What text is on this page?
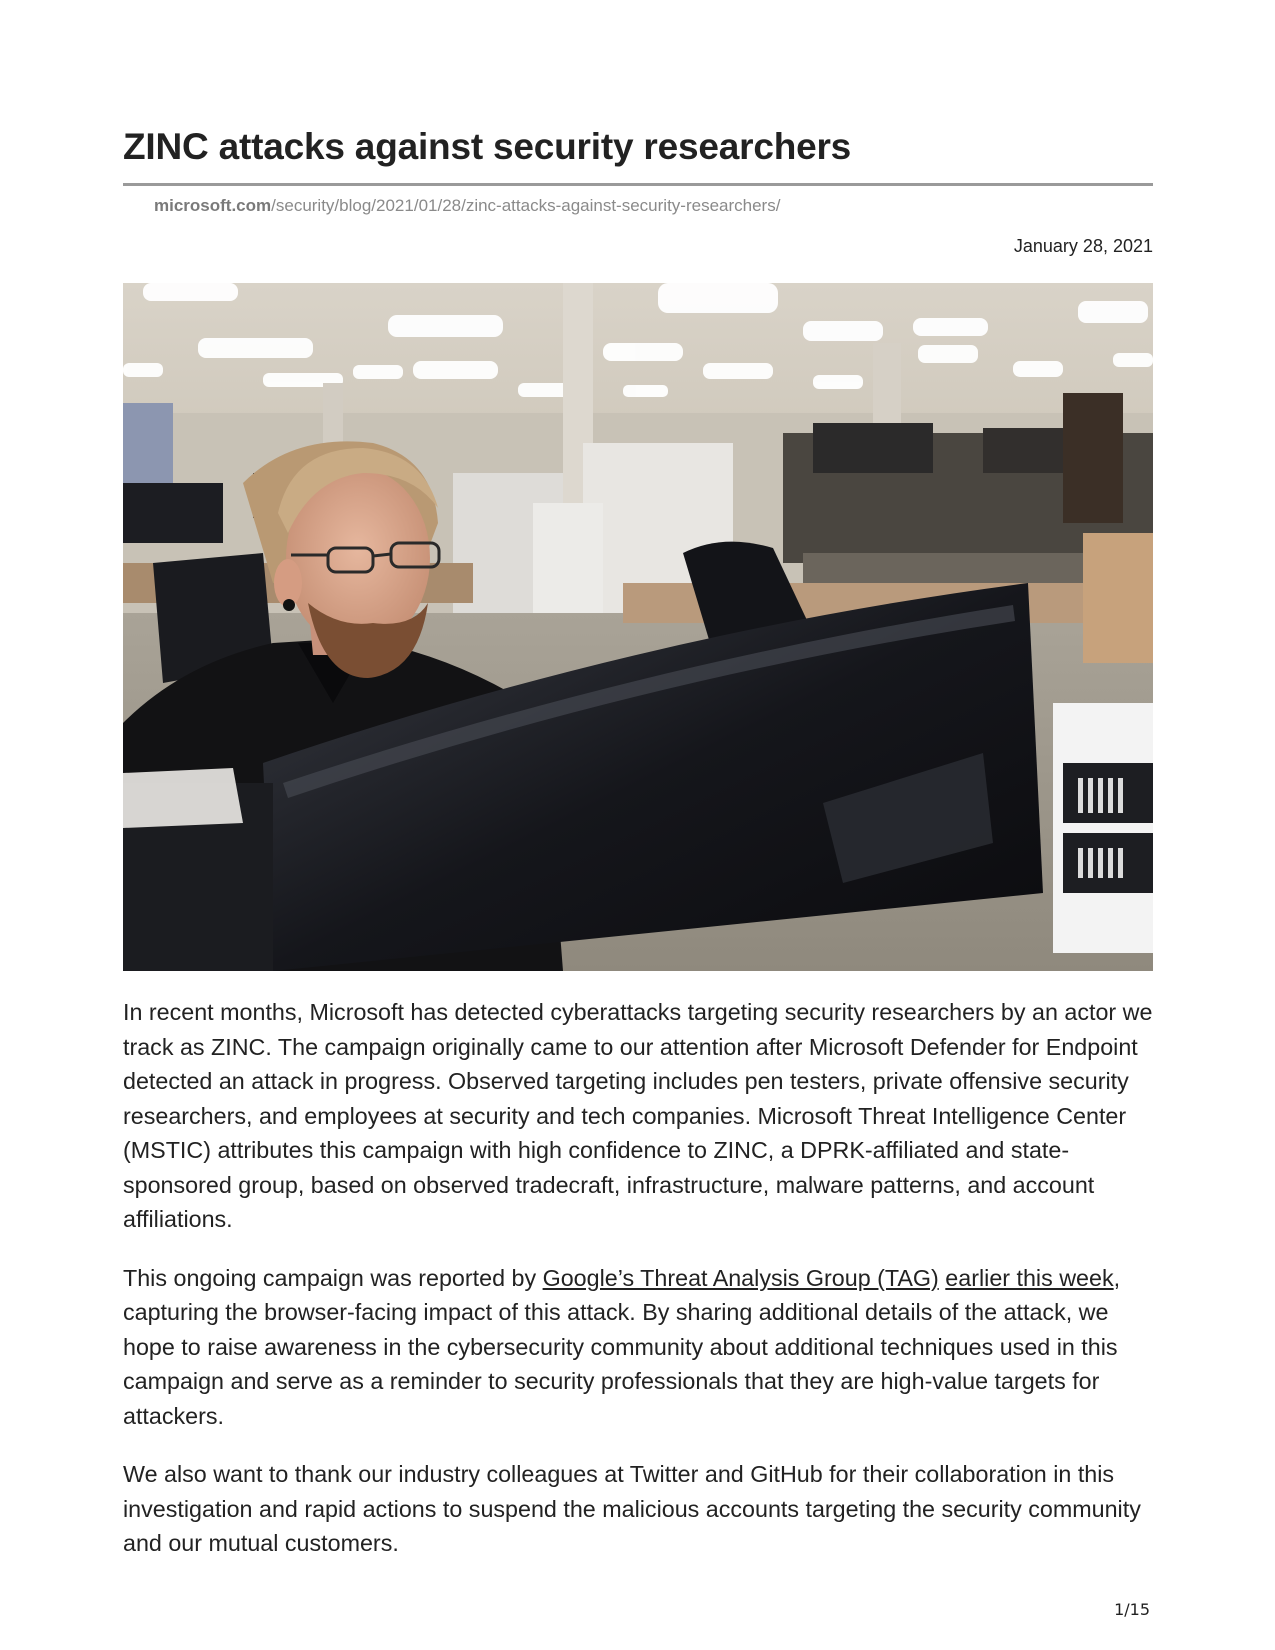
ZINC attacks against security researchers
microsoft.com/security/blog/2021/01/28/zinc-attacks-against-security-researchers/
January 28, 2021

In recent months, Microsoft has detected cyberattacks targeting security researchers by an actor we track as ZINC. The campaign originally came to our attention after Microsoft Defender for Endpoint detected an attack in progress. Observed targeting includes pen testers, private offensive security researchers, and employees at security and tech companies. Microsoft Threat Intelligence Center (MSTIC) attributes this campaign with high confidence to ZINC, a DPRK-affiliated and state-sponsored group, based on observed tradecraft, infrastructure, malware patterns, and account affiliations.

This ongoing campaign was reported by Google’s Threat Analysis Group (TAG) earlier this week, capturing the browser-facing impact of this attack. By sharing additional details of the attack, we hope to raise awareness in the cybersecurity community about additional techniques used in this campaign and serve as a reminder to security professionals that they are high-value targets for attackers.

We also want to thank our industry colleagues at Twitter and GitHub for their collaboration in this investigation and rapid actions to suspend the malicious accounts targeting the security community and our mutual customers.

1/15
